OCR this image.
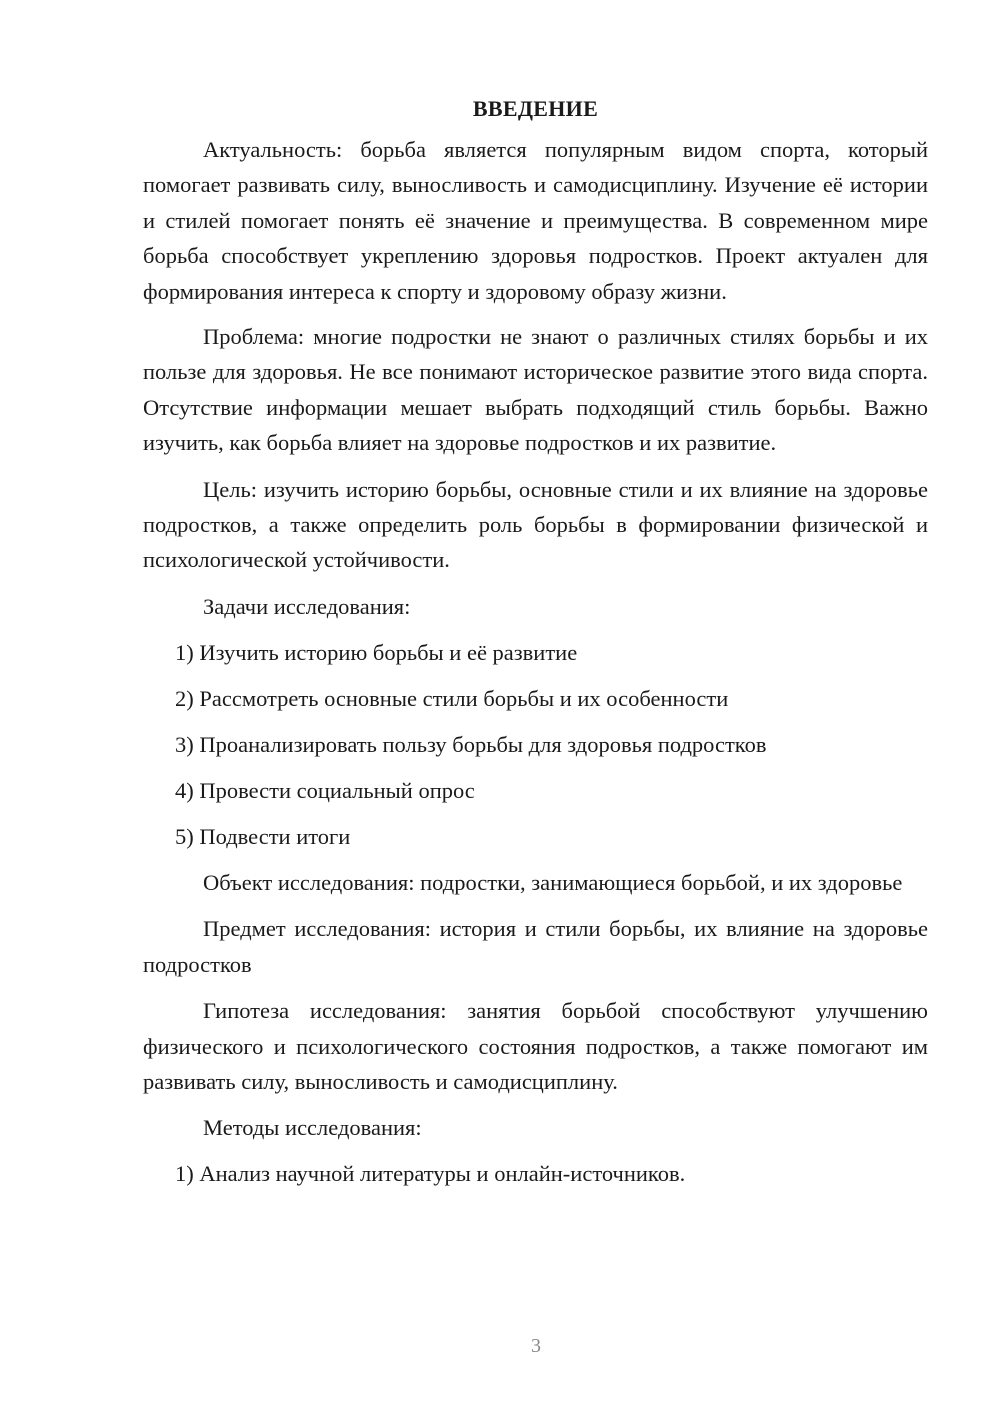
ВВЕДЕНИЕ

Актуальность: борьба является популярным видом спорта, который помогает развивать силу, выносливость и самодисциплину. Изучение её истории и стилей помогает понять её значение и преимущества. В современном мире борьба способствует укреплению здоровья подростков. Проект актуален для формирования интереса к спорту и здоровому образу жизни.

Проблема: многие подростки не знают о различных стилях борьбы и их пользе для здоровья. Не все понимают историческое развитие этого вида спорта. Отсутствие информации мешает выбрать подходящий стиль борьбы. Важно изучить, как борьба влияет на здоровье подростков и их развитие.

Цель: изучить историю борьбы, основные стили и их влияние на здоровье подростков, а также определить роль борьбы в формировании физической и психологической устойчивости.

Задачи исследования:
1) Изучить историю борьбы и её развитие
2) Рассмотреть основные стили борьбы и их особенности
3) Проанализировать пользу борьбы для здоровья подростков
4) Провести социальный опрос
5) Подвести итоги

Объект исследования: подростки, занимающиеся борьбой, и их здоровье

Предмет исследования: история и стили борьбы, их влияние на здоровье подростков

Гипотеза исследования: занятия борьбой способствуют улучшению физического и психологического состояния подростков, а также помогают им развивать силу, выносливость и самодисциплину.

Методы исследования:
1) Анализ научной литературы и онлайн-источников.
3
